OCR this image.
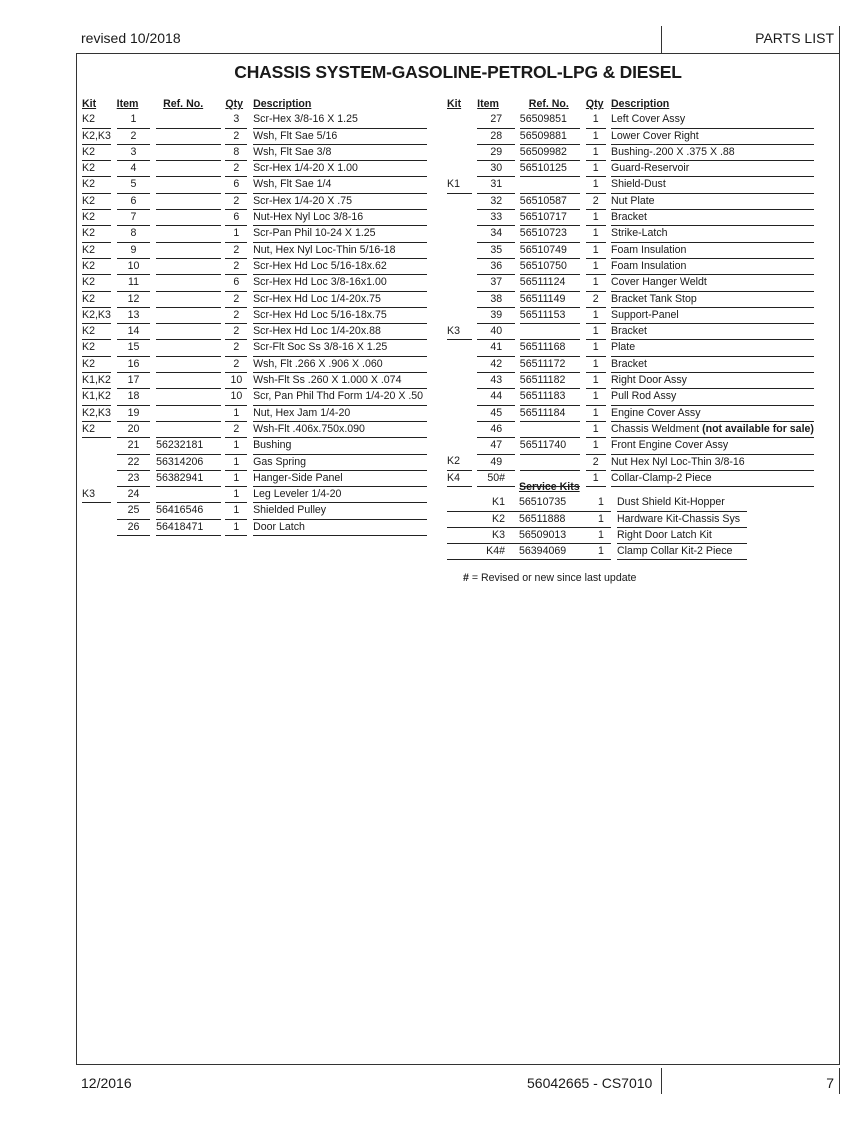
revised 10/2018	PARTS LIST
CHASSIS SYSTEM-GASOLINE-PETROL-LPG & DIESEL
Kit		Item		Ref. No.		Qty		Description
K2		1				3		Scr-Hex 3/8-16 X 1.25
K2,K3		2				2		Wsh, Flt Sae 5/16
K2		3				8		Wsh, Flt Sae 3/8
K2		4				2		Scr-Hex 1/4-20 X 1.00
K2		5				6		Wsh, Flt Sae 1/4
K2		6				2		Scr-Hex 1/4-20 X .75
K2		7				6		Nut-Hex Nyl Loc 3/8-16
K2		8				1		Scr-Pan Phil 10-24 X 1.25
K2		9				2		Nut, Hex Nyl Loc-Thin 5/16-18
K2		10				2		Scr-Hex Hd Loc 5/16-18x.62
K2		11				6		Scr-Hex Hd Loc 3/8-16x1.00
K2		12				2		Scr-Hex Hd Loc 1/4-20x.75
K2,K3		13				2		Scr-Hex Hd Loc 5/16-18x.75
K2		14				2		Scr-Hex Hd Loc 1/4-20x.88
K2		15				2		Scr-Flt Soc Ss 3/8-16 X 1.25
K2		16				2		Wsh, Flt .266 X .906 X .060
K1,K2		17				10		Wsh-Flt Ss .260 X 1.000 X .074
K1,K2		18				10		Scr, Pan Phil Thd Form 1/4-20 X .50
K2,K3		19				1		Nut, Hex Jam 1/4-20
K2		20				2		Wsh-Flt .406x.750x.090
		21		56232181		1		Bushing
		22		56314206		1		Gas Spring
		23		56382941		1		Hanger-Side Panel
K3		24				1		Leg Leveler 1/4-20
		25		56416546		1		Shielded Pulley
		26		56418471		1		Door Latch
Kit		Item		Ref. No.		Qty		Description
		27		56509851		1		Left Cover Assy
		28		56509881		1		Lower Cover Right
		29		56509982		1		Bushing-.200 X .375 X .88
		30		56510125		1		Guard-Reservoir
K1		31				1		Shield-Dust
		32		56510587		2		Nut Plate
		33		56510717		1		Bracket
		34		56510723		1		Strike-Latch
		35		56510749		1		Foam Insulation
		36		56510750		1		Foam Insulation
		37		56511124		1		Cover Hanger Weldt
		38		56511149		2		Bracket Tank Stop
		39		56511153		1		Support-Panel
K3		40				1		Bracket
		41		56511168		1		Plate
		42		56511172		1		Bracket
		43		56511182		1		Right Door Assy
		44		56511183		1		Pull Rod Assy
		45		56511184		1		Engine Cover Assy
		46				1		Chassis Weldment (not available for sale)
		47		56511740		1		Front Engine Cover Assy
K2		49				2		Nut Hex Nyl Loc-Thin 3/8-16
K4		50#				1		Collar-Clamp-2 Piece
	Service Kits			
K1	56510735	1		Dust Shield Kit-Hopper
K2	56511888	1		Hardware Kit-Chassis Sys
K3	56509013	1		Right Door Latch Kit
K4#	56394069	1		Clamp Collar Kit-2 Piece
# = Revised or new since last update
12/2016	56042665 - CS7010	7
